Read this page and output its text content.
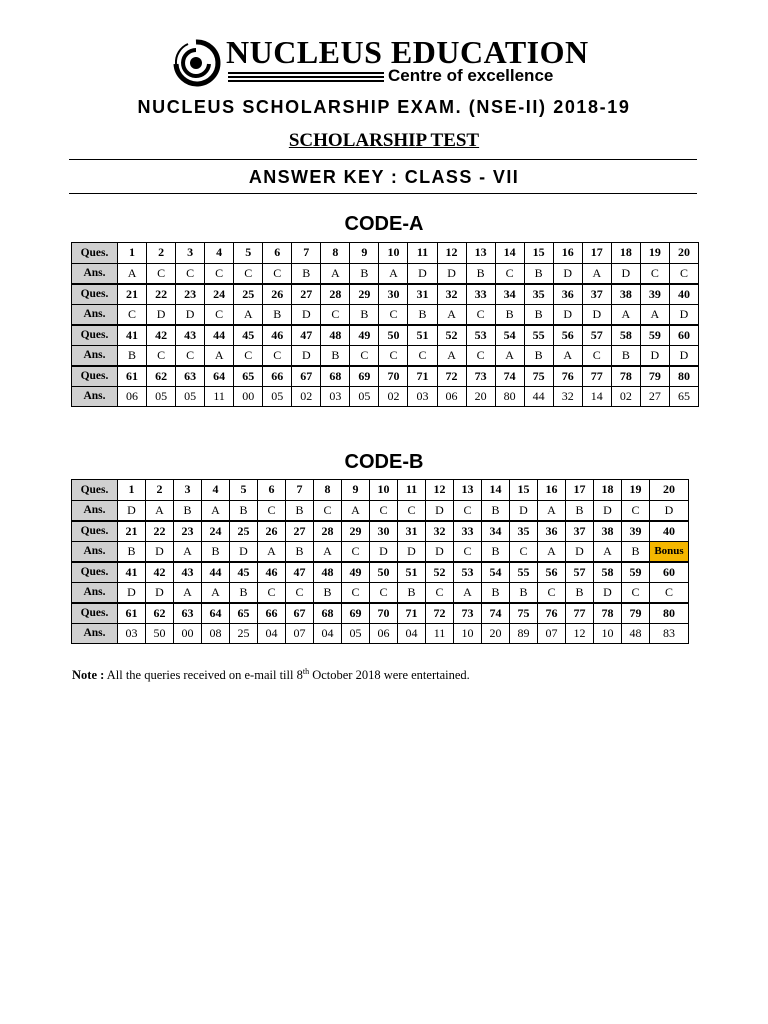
NUCLEUS EDUCATION
Centre of excellence
NUCLEUS SCHOLARSHIP EXAM. (NSE-II) 2018-19
SCHOLARSHIP TEST
ANSWER KEY : CLASS - VII
CODE-A
Ques.	1	2	3	4	5	6	7	8	9	10	11	12	13	14	15	16	17	18	19	20
Ans.	A	C	C	C	C	C	B	A	B	A	D	D	B	C	B	D	A	D	C	C
Ques.	21	22	23	24	25	26	27	28	29	30	31	32	33	34	35	36	37	38	39	40
Ans.	C	D	D	C	A	B	D	C	B	C	B	A	C	B	B	D	D	A	A	D
Ques.	41	42	43	44	45	46	47	48	49	50	51	52	53	54	55	56	57	58	59	60
Ans.	B	C	C	A	C	C	D	B	C	C	C	A	C	A	B	A	C	B	D	D
Ques.	61	62	63	64	65	66	67	68	69	70	71	72	73	74	75	76	77	78	79	80
Ans.	06	05	05	11	00	05	02	03	05	02	03	06	20	80	44	32	14	02	27	65
CODE-B
Ques.	1	2	3	4	5	6	7	8	9	10	11	12	13	14	15	16	17	18	19	20
Ans.	D	A	B	A	B	C	B	C	A	C	C	D	C	B	D	A	B	D	C	D
Ques.	21	22	23	24	25	26	27	28	29	30	31	32	33	34	35	36	37	38	39	40
Ans.	B	D	A	B	D	A	B	A	C	D	D	D	C	B	C	A	D	A	B	Bonus
Ques.	41	42	43	44	45	46	47	48	49	50	51	52	53	54	55	56	57	58	59	60
Ans.	D	D	A	A	B	C	C	B	C	C	B	C	A	B	B	C	B	D	C	C
Ques.	61	62	63	64	65	66	67	68	69	70	71	72	73	74	75	76	77	78	79	80
Ans.	03	50	00	08	25	04	07	04	05	06	04	11	10	20	89	07	12	10	48	83
Note : All the queries received on e-mail till 8th October 2018 were entertained.
